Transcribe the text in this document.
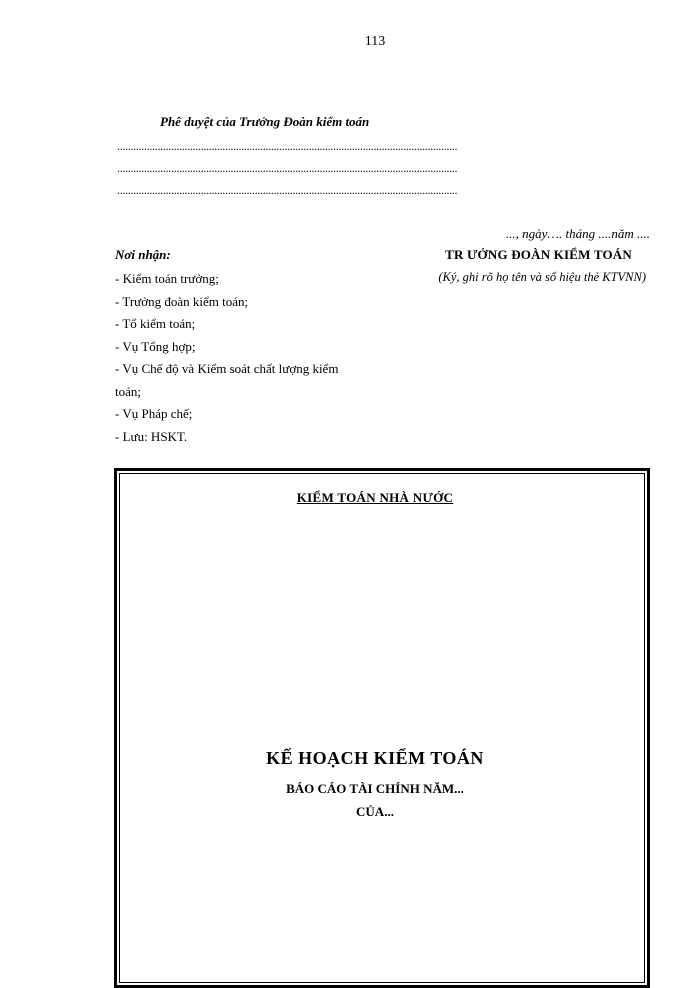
113
Phê duyệt của Trưởng Đoàn kiểm toán
..............................................................................................................................
..............................................................................................................................
..............................................................................................................................
..., ngày…. tháng ....năm ....
TR ƯỞNG ĐOÀN KIỂM TOÁN
(Ký, ghi rõ họ tên và số hiệu thẻ KTVNN)
Nơi nhận:
- Kiểm toán trưởng;
- Trưởng đoàn kiểm toán;
- Tổ kiểm toán;
- Vụ Tổng hợp;
- Vụ Chế độ và Kiểm soát chất lượng kiểm
toán;
- Vụ Pháp chế;
- Lưu: HSKT.
KIỂM TOÁN NHÀ NƯỚC
KẾ HOẠCH KIỂM TOÁN
BÁO CÁO TÀI CHÍNH NĂM...
CỦA...
